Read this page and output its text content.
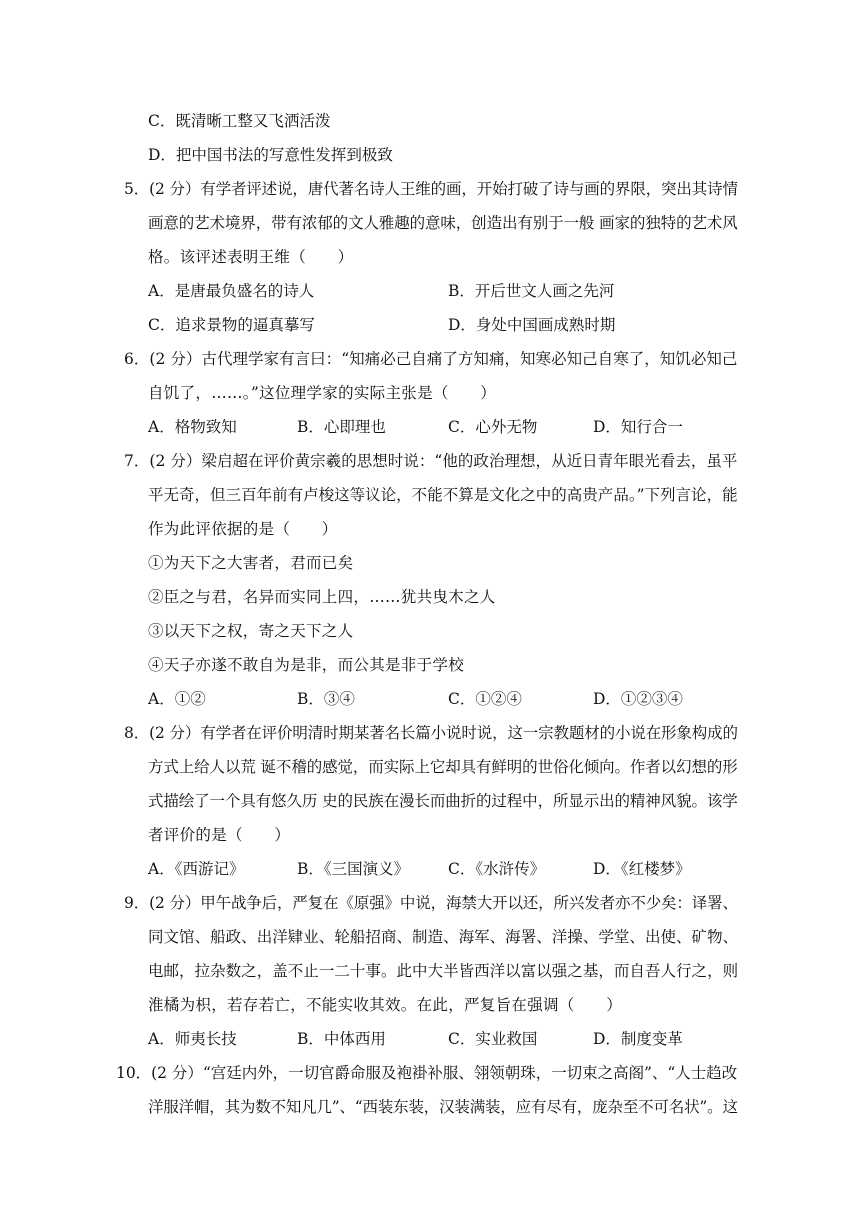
C．既清晰工整又飞洒活泼
D．把中国书法的写意性发挥到极致
5．(2 分）有学者评述说，唐代著名诗人王维的画，开始打破了诗与画的界限，突出其诗情
画意的艺术境界，带有浓郁的文人雅趣的意味，创造出有别于一般 画家的独特的艺术风
格。该评述表明王维（　　）
A．是唐最负盛名的诗人	B．开后世文人画之先河
C．追求景物的逼真摹写	D．身处中国画成熟时期
6．(2 分）古代理学家有言曰：“知痛必己自痛了方知痛，知寒必知己自寒了，知饥必知己
自饥了，……。”这位理学家的实际主张是（　　）
A．格物致知	B．心即理也	C．心外无物	D．知行合一
7．(2 分）梁启超在评价黄宗羲的思想时说：“他的政治理想，从近日青年眼光看去，虽平
平无奇，但三百年前有卢梭这等议论，不能不算是文化之中的高贵产品。”下列言论，能
作为此评依据的是（　　）
①为天下之大害者，君而已矣
②臣之与君，名异而实同上四，……犹共曳木之人
③以天下之权，寄之天下之人
④天子亦遂不敢自为是非，而公其是非于学校
A．①②	B．③④	C．①②④	D．①②③④
8．(2 分）有学者在评价明清时期某著名长篇小说时说，这一宗教题材的小说在形象构成的
方式上给人以荒 诞不稽的感觉，而实际上它却具有鲜明的世俗化倾向。作者以幻想的形
式描绘了一个具有悠久历 史的民族在漫长而曲折的过程中，所显示出的精神风貌。该学
者评价的是（　　）
A．《西游记》	B．《三国演义》	C．《水浒传》	D．《红楼梦》
9．(2 分）甲午战争后，严复在《原强》中说，海禁大开以还，所兴发者亦不少矣：译署、
同文馆、船政、出洋肄业、轮船招商、制造、海军、海署、洋操、学堂、出使、矿物、
电邮，拉杂数之，盖不止一二十事。此中大半皆西洋以富以强之基，而自吾人行之，则
淮橘为枳，若存若亡，不能实收其效。在此，严复旨在强调（　　）
A．师夷长技	B．中体西用	C．实业救国	D．制度变革
10．(2 分）“宫廷内外，一切官爵命服及袍褂补服、翎领朝珠，一切束之高阁”、“人士趋改
洋服洋帽，其为数不知凡几”、“西装东装，汉装满装，应有尽有，庞杂至不可名状”。这
